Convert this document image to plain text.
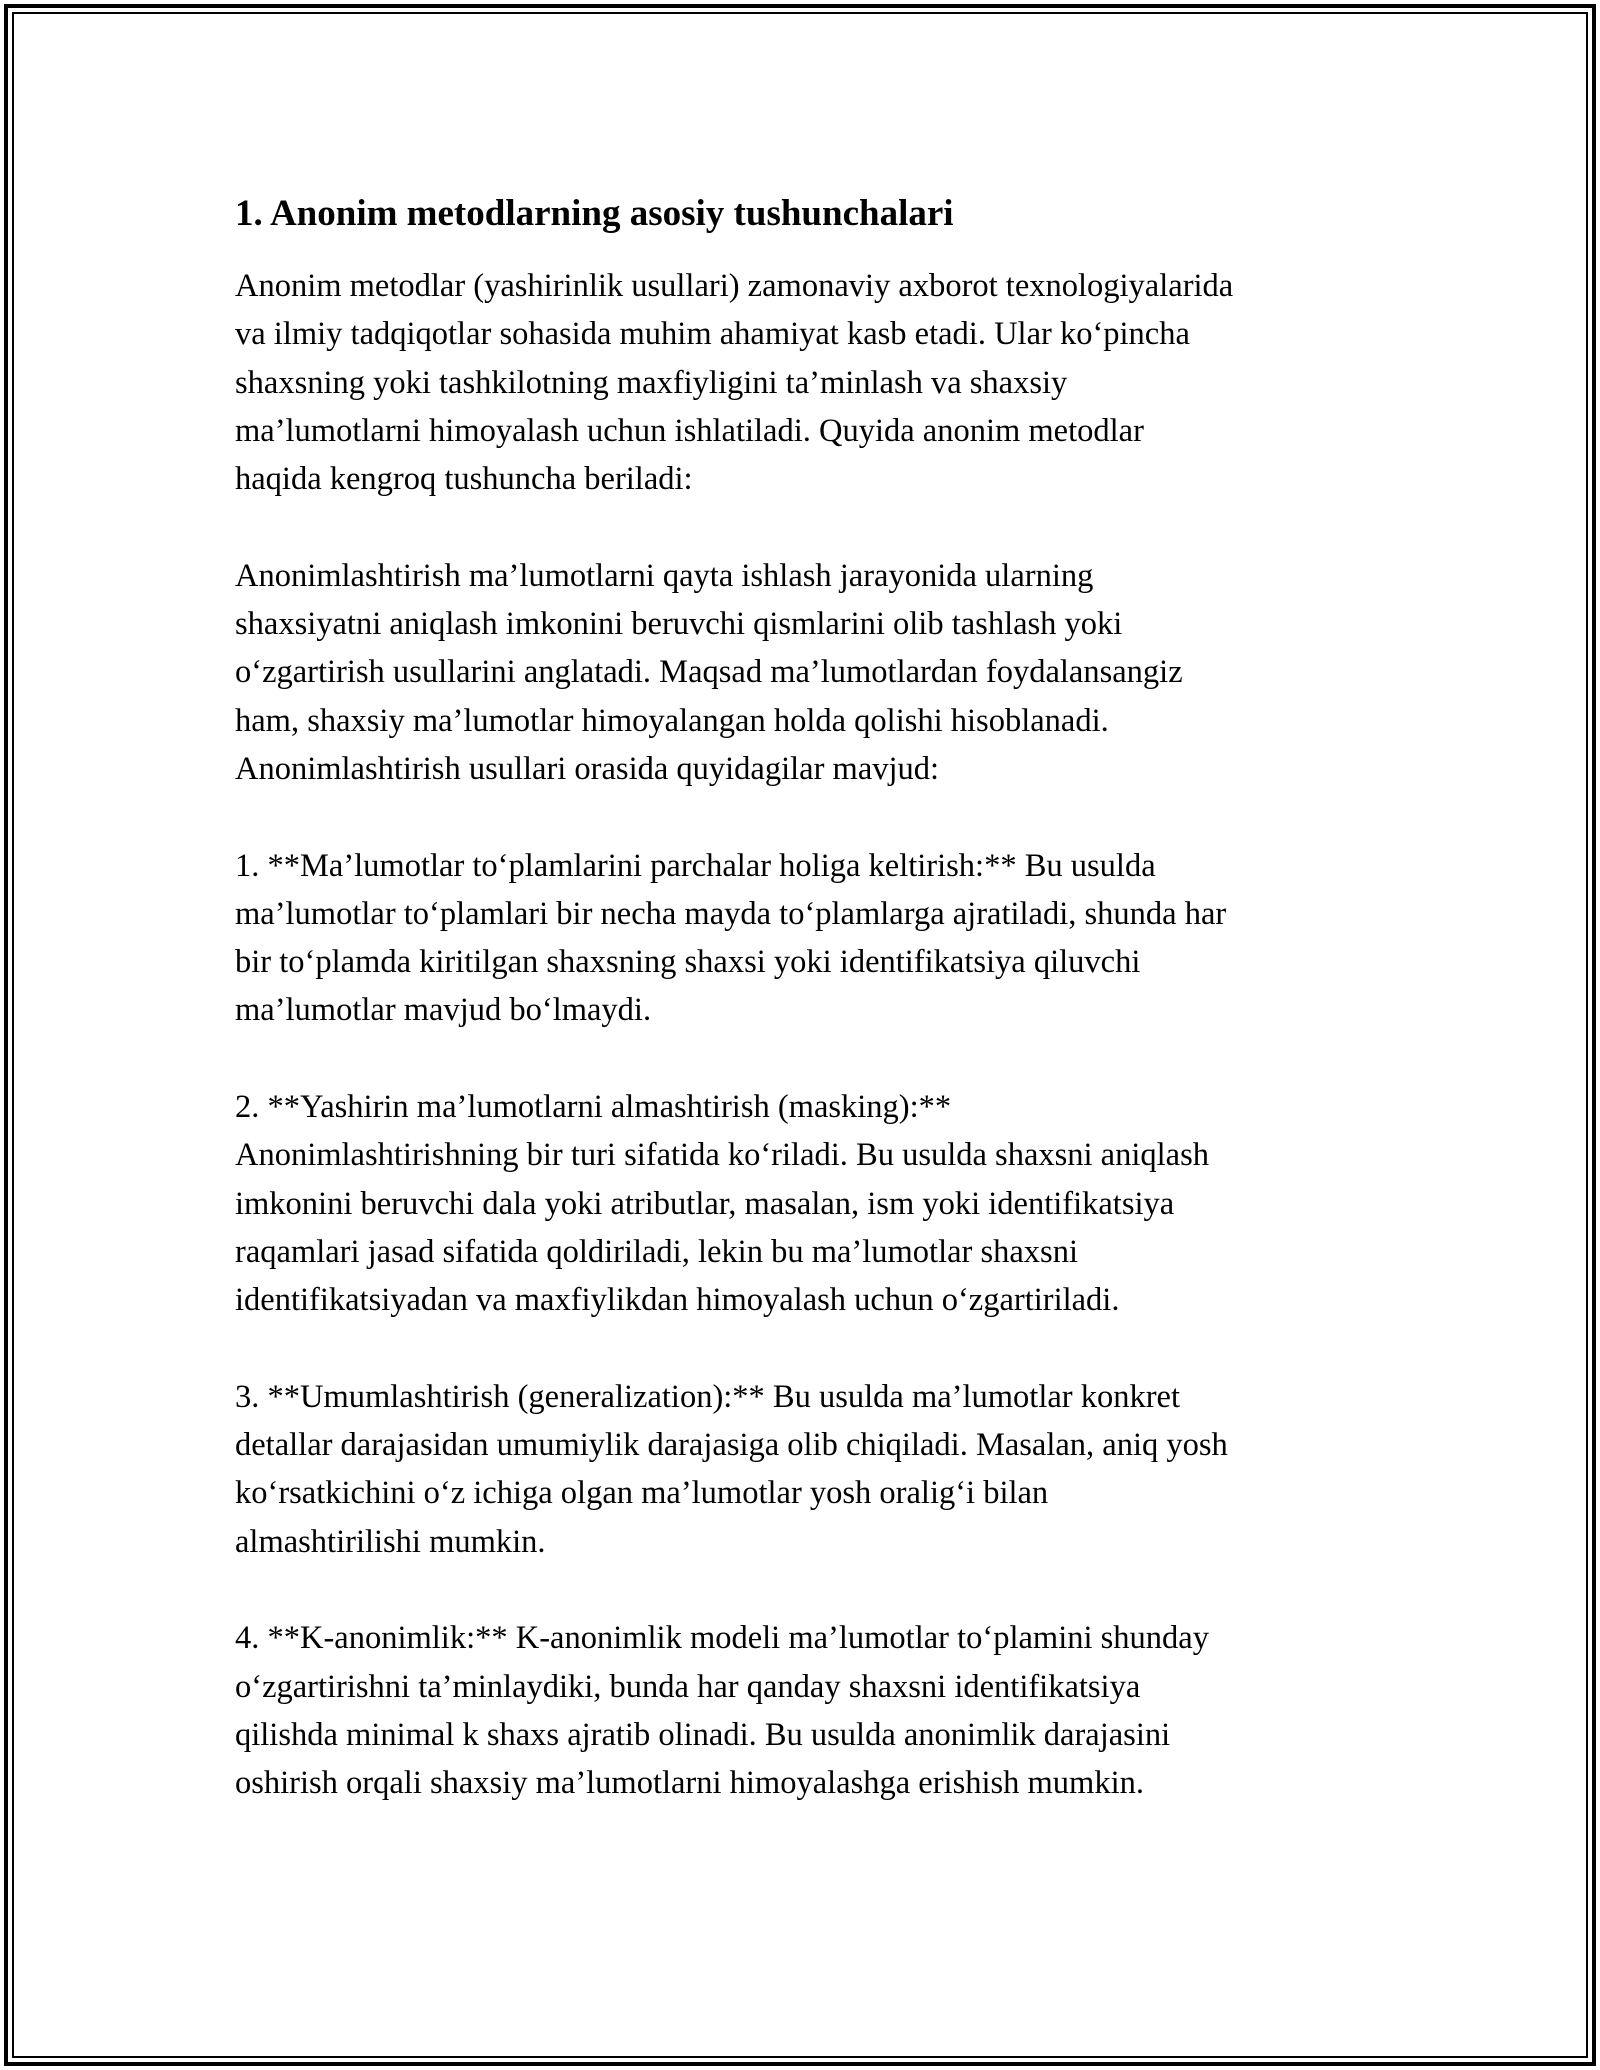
1. Anonim metodlarning asosiy tushunchalari

Anonim metodlar (yashirinlik usullari) zamonaviy axborot texnologiyalarida
va ilmiy tadqiqotlar sohasida muhim ahamiyat kasb etadi. Ular ko‘pincha
shaxsning yoki tashkilotning maxfiyligini ta’minlash va shaxsiy
ma’lumotlarni himoyalash uchun ishlatiladi. Quyida anonim metodlar
haqida kengroq tushuncha beriladi:

Anonimlashtirish ma’lumotlarni qayta ishlash jarayonida ularning
shaxsiyatni aniqlash imkonini beruvchi qismlarini olib tashlash yoki
o‘zgartirish usullarini anglatadi. Maqsad ma’lumotlardan foydalansangiz
ham, shaxsiy ma’lumotlar himoyalangan holda qolishi hisoblanadi.
Anonimlashtirish usullari orasida quyidagilar mavjud:

1. **Ma’lumotlar to‘plamlarini parchalar holiga keltirish:** Bu usulda
ma’lumotlar to‘plamlari bir necha mayda to‘plamlarga ajratiladi, shunda har
bir to‘plamda kiritilgan shaxsning shaxsi yoki identifikatsiya qiluvchi
ma’lumotlar mavjud bo‘lmaydi.

2. **Yashirin ma’lumotlarni almashtirish (masking):**
Anonimlashtirishning bir turi sifatida ko‘riladi. Bu usulda shaxsni aniqlash
imkonini beruvchi dala yoki atributlar, masalan, ism yoki identifikatsiya
raqamlari jasad sifatida qoldiriladi, lekin bu ma’lumotlar shaxsni
identifikatsiyadan va maxfiylikdan himoyalash uchun o‘zgartiriladi.

3. **Umumlashtirish (generalization):** Bu usulda ma’lumotlar konkret
detallar darajasidan umumiylik darajasiga olib chiqiladi. Masalan, aniq yosh
ko‘rsatkichini o‘z ichiga olgan ma’lumotlar yosh oralig‘i bilan
almashtirilishi mumkin.

4. **K-anonimlik:** K-anonimlik modeli ma’lumotlar to‘plamini shunday
o‘zgartirishni ta’minlaydiki, bunda har qanday shaxsni identifikatsiya
qilishda minimal k shaxs ajratib olinadi. Bu usulda anonimlik darajasini
oshirish orqali shaxsiy ma’lumotlarni himoyalashga erishish mumkin.
